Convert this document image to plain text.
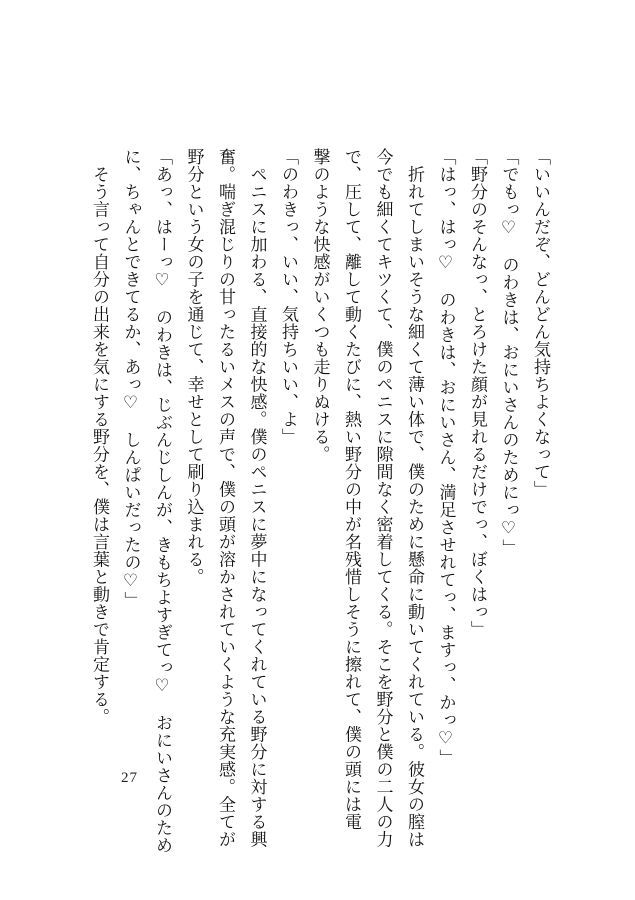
「いいんだぞ、どんどん気持ちよくなって」
「でもっ♡　のわきは、おにいさんのためにっ♡」
「野分のそんなっ、とろけた顔が見れるだけでっ、ぼくはっ」
「はっ、はっ♡　のわきは、おにいさん、満足させれてっ、ますっ、かっ♡」
　折れてしまいそうな細くて薄い体で、僕のために懸命に動いてくれている。彼女の膣は
今でも細くてキツくて、僕のペニスに隙間なく密着してくる。そこを野分と僕の二人の力
で、圧して、離して動くたびに、熱い野分の中が名残惜しそうに擦れて、僕の頭には電
撃のような快感がいくつも走りぬける。
「のわきっ、いい、気持ちいい、よ」
　ペニスに加わる、直接的な快感。僕のペニスに夢中になってくれている野分に対する興
奮。喘ぎ混じりの甘ったるいメスの声で、僕の頭が溶かされていくような充実感。全てが
野分という女の子を通じて、幸せとして刷り込まれる。
「あっ、はーっ♡　のわきは、じぶんじしんが、きもちよすぎてっ♡　おにいさんのため
に、ちゃんとできてるか、あっ♡　しんぱいだったの♡」
　そう言って自分の出来を気にする野分を、僕は言葉と動きで肯定する。
27
